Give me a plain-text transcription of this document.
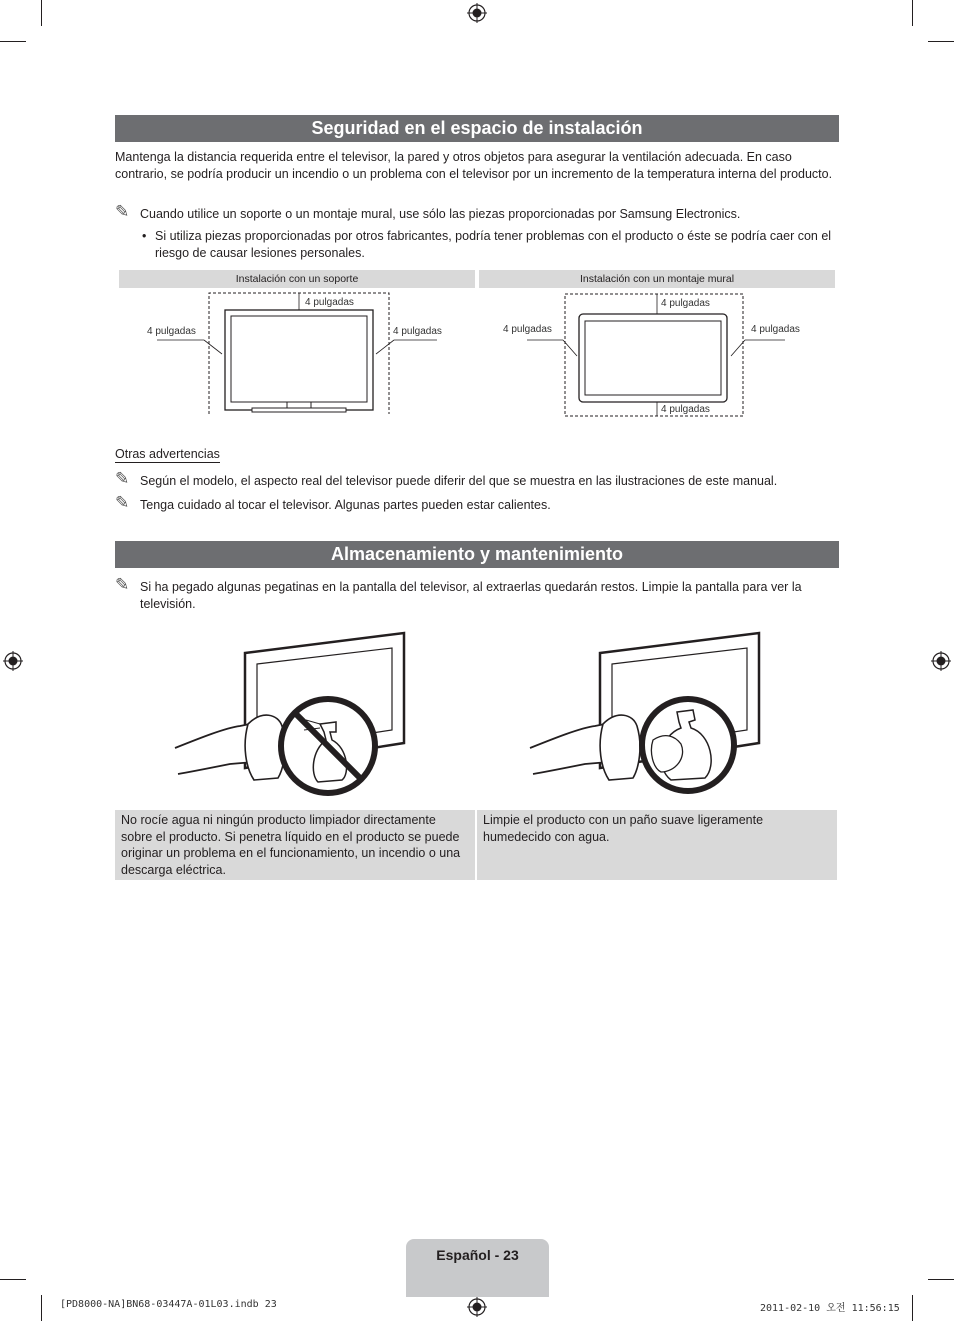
Seguridad en el espacio de instalación
Mantenga la distancia requerida entre el televisor, la pared y otros objetos para asegurar la ventilación adecuada. En caso contrario, se podría producir un incendio o un problema con el televisor por un incremento de la temperatura interna del producto.
✎ Cuando utilice un soporte o un montaje mural, use sólo las piezas proporcionadas por Samsung Electronics.
• Si utiliza piezas proporcionadas por otros fabricantes, podría tener problemas con el producto o éste se podría caer con el riesgo de causar lesiones personales.
Instalación con un soporte	Instalación con un montaje mural
4 pulgadas
4 pulgadas	4 pulgadas
4 pulgadas
4 pulgadas	4 pulgadas
4 pulgadas
Otras advertencias
✎ Según el modelo, el aspecto real del televisor puede diferir del que se muestra en las ilustraciones de este manual.
✎ Tenga cuidado al tocar el televisor. Algunas partes pueden estar calientes.
Almacenamiento y mantenimiento
✎ Si ha pegado algunas pegatinas en la pantalla del televisor, al extraerlas quedarán restos. Limpie la pantalla para ver la televisión.
No rocíe agua ni ningún producto limpiador directamente sobre el producto. Si penetra líquido en el producto se puede originar un problema en el funcionamiento, un incendio o una descarga eléctrica.
Limpie el producto con un paño suave ligeramente humedecido con agua.
Español - 23
[PD8000-NA]BN68-03447A-01L03.indb 23	2011-02-10 오전 11:56:15
